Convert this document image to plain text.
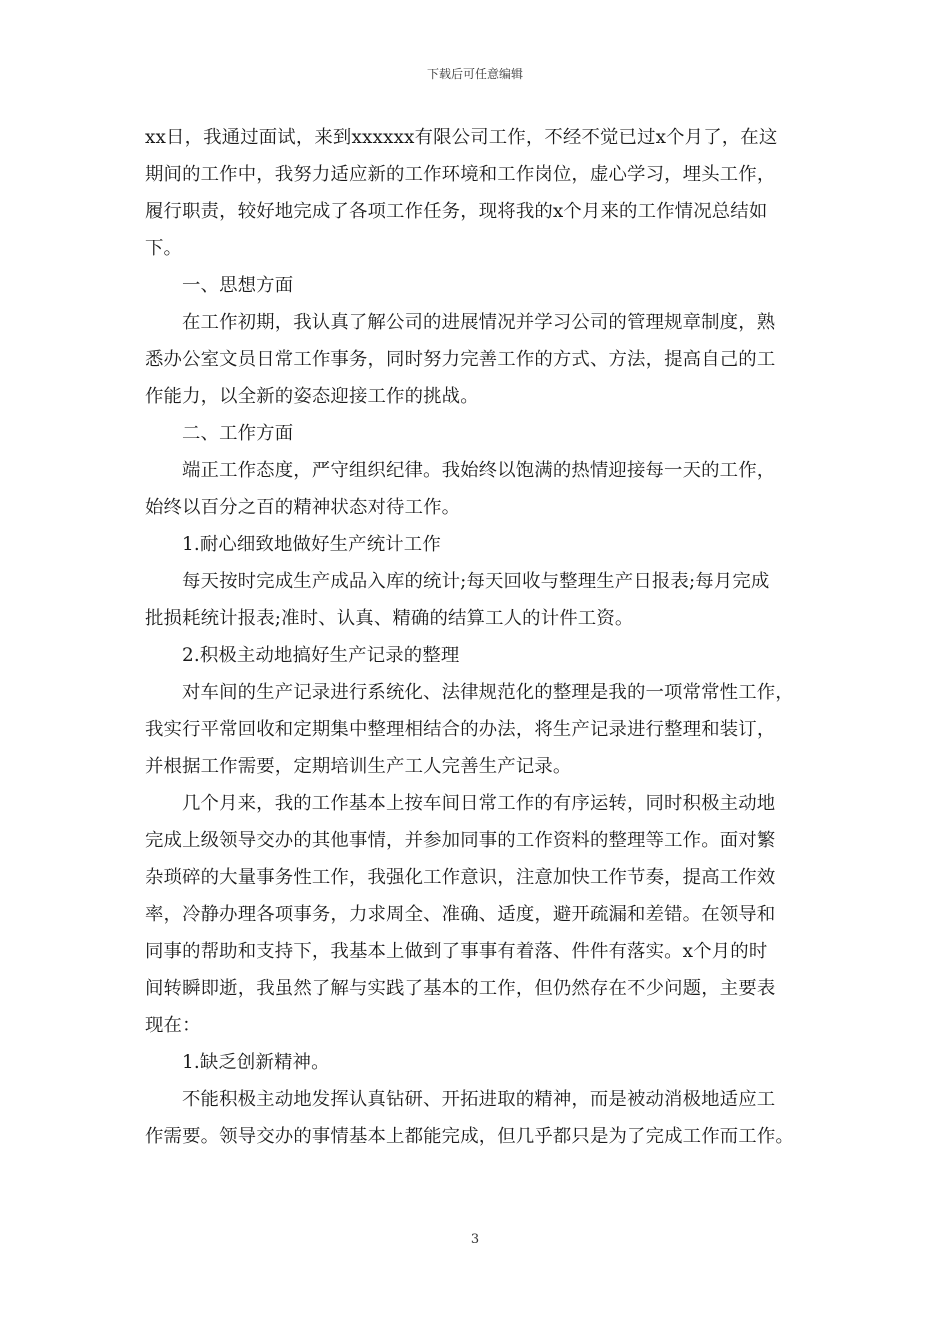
下载后可任意编辑

xx日，我通过面试，来到xxxxxx有限公司工作，不经不觉已过x个月了，在这
期间的工作中，我努力适应新的工作环境和工作岗位，虚心学习，埋头工作，
履行职责，较好地完成了各项工作任务，现将我的x个月来的工作情况总结如
下。

一、思想方面

在工作初期，我认真了解公司的进展情况并学习公司的管理规章制度，熟
悉办公室文员日常工作事务，同时努力完善工作的方式、方法，提高自己的工
作能力，以全新的姿态迎接工作的挑战。

二、工作方面

端正工作态度，严守组织纪律。我始终以饱满的热情迎接每一天的工作，
始终以百分之百的精神状态对待工作。

1.耐心细致地做好生产统计工作

每天按时完成生产成品入库的统计;每天回收与整理生产日报表;每月完成
批损耗统计报表;准时、认真、精确的结算工人的计件工资。

2.积极主动地搞好生产记录的整理

对车间的生产记录进行系统化、法律规范化的整理是我的一项常常性工作，
我实行平常回收和定期集中整理相结合的办法，将生产记录进行整理和装订，
并根据工作需要，定期培训生产工人完善生产记录。

几个月来，我的工作基本上按车间日常工作的有序运转，同时积极主动地
完成上级领导交办的其他事情，并参加同事的工作资料的整理等工作。面对繁
杂琐碎的大量事务性工作，我强化工作意识，注意加快工作节奏，提高工作效
率，冷静办理各项事务，力求周全、准确、适度，避开疏漏和差错。在领导和
同事的帮助和支持下，我基本上做到了事事有着落、件件有落实。x个月的时
间转瞬即逝，我虽然了解与实践了基本的工作，但仍然存在不少问题，主要表
现在：

1.缺乏创新精神。

不能积极主动地发挥认真钻研、开拓进取的精神，而是被动消极地适应工
作需要。领导交办的事情基本上都能完成，但几乎都只是为了完成工作而工作。

3
